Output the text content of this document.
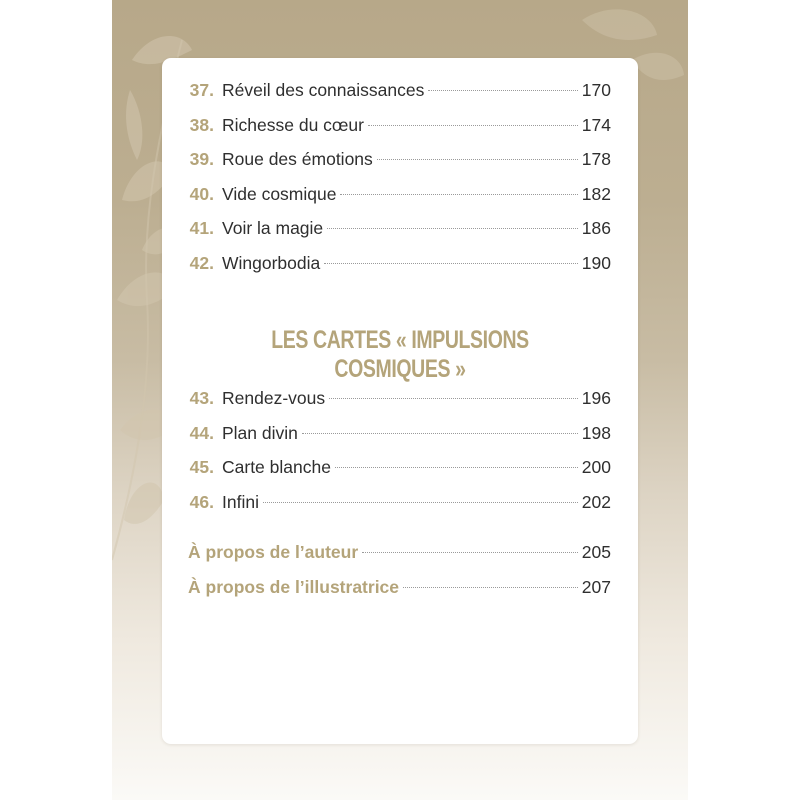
37. Réveil des connaissances	170
38. Richesse du cœur	174
39. Roue des émotions	178
40. Vide cosmique	182
41. Voir la magie	186
42. Wingorbodia	190
LES CARTES « IMPULSIONS COSMIQUES »
43. Rendez-vous	196
44. Plan divin	198
45. Carte blanche	200
46. Infini	202
À propos de l’auteur	205
À propos de l’illustratrice	207
